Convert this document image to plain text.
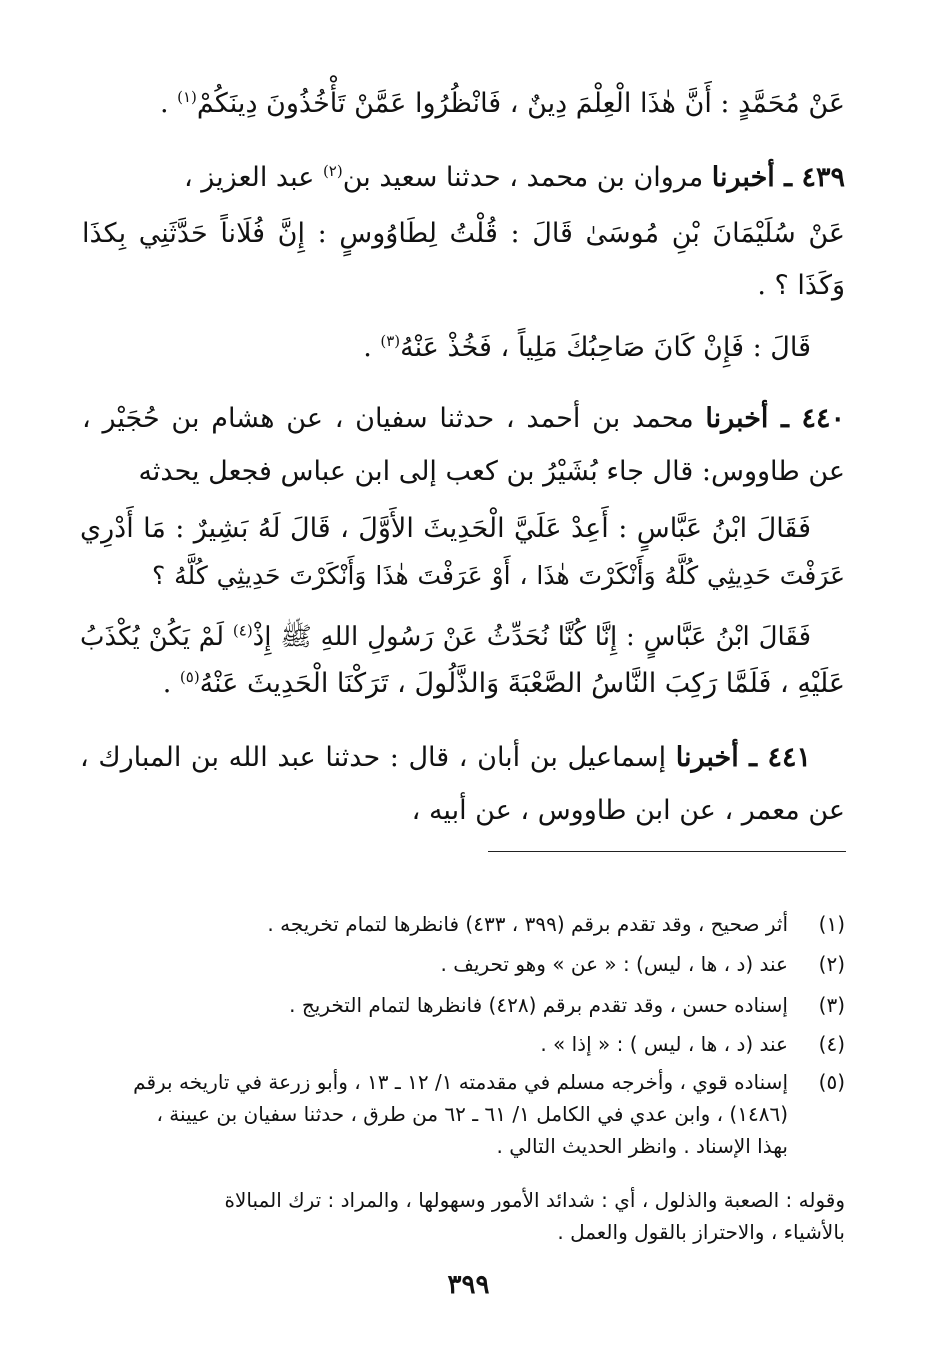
عَنْ مُحَمَّدٍ : أَنَّ هٰذَا الْعِلْمَ دِينٌ ، فَانْظُرُوا عَمَّنْ تَأْخُذُونَ دِينَكُمْ$^{(١)}$ .
٤٣٩ ـ أخبرنا مروان بن محمد ، حدثنا سعيد بن$^{(٢)}$ عبد العزيز ،
عَنْ سُلَيْمَانَ بْنِ مُوسَىٰ قَالَ : قُلْتُ لِطَاوُوسٍ : إِنَّ فُلَاناً حَدَّثَنِي بِكذَا
وَكَذَا ؟ .
قَالَ : فَإِنْ كَانَ صَاحِبُكَ مَلِياً ، فَخُذْ عَنْهُ$^{(٣)}$ .
٤٤٠ ـ أخبرنا محمد بن أحمد ، حدثنا سفيان ، عن هشام بن حُجَيْر ،
عن طاووس: قال جاء بُشَيْرُ بن كعب إلى ابن عباس فجعل يحدثه
فَقَالَ ابْنُ عَبَّاسٍ : أَعِدْ عَلَيَّ الْحَدِيثَ الأَوَّلَ ، قَالَ لَهُ بَشِيرٌ : مَا أَدْرِي
عَرَفْتَ حَدِيثِي كُلَّهُ وَأَنْكَرْتَ هٰذَا ، أَوْ عَرَفْتَ هٰذَا وَأَنْكَرْتَ حَدِيثِي كُلَّهُ ؟
فَقَالَ ابْنُ عَبَّاسٍ : إِنَّا كُنَّا نُحَدِّثُ عَنْ رَسُولِ اللهِ ﷺ إِذْ$^{(٤)}$ لَمْ يَكُنْ يُكْذَبُ
عَلَيْهِ ، فَلَمَّا رَكِبَ النَّاسُ الصَّعْبَةَ وَالذَّلُولَ ، تَرَكْنَا الْحَدِيثَ عَنْهُ$^{(٥)}$ .
٤٤١ ـ أخبرنا إسماعيل بن أبان ، قال : حدثنا عبد الله بن المبارك ،
عن معمر ، عن ابن طاووس ، عن أبيه ،
(١)
أثر صحيح ، وقد تقدم برقم (٣٩٩ ، ٤٣٣) فانظرها لتمام تخريجه .
(٢)
عند (د ، ها ، ليس) : « عن » وهو تحريف .
(٣)
إسناده حسن ، وقد تقدم برقم (٤٢٨) فانظرها لتمام التخريج .
(٤)
عند (د ، ها ، ليس ) : « إذا » .
(٥)
إسناده قوي ، وأخرجه مسلم في مقدمته ١/ ١٢ ـ ١٣ ، وأبو زرعة في تاريخه برقم
(١٤٨٦) ، وابن عدي في الكامل ١/ ٦١ ـ ٦٢ من طرق ، حدثنا سفيان بن عيينة ،
بهذا الإسناد . وانظر الحديث التالي .
وقوله : الصعبة والذلول ، أي : شدائد الأمور وسهولها ، والمراد : ترك المبالاة
بالأشياء ، والاحتراز بالقول والعمل .
٣٩٩
